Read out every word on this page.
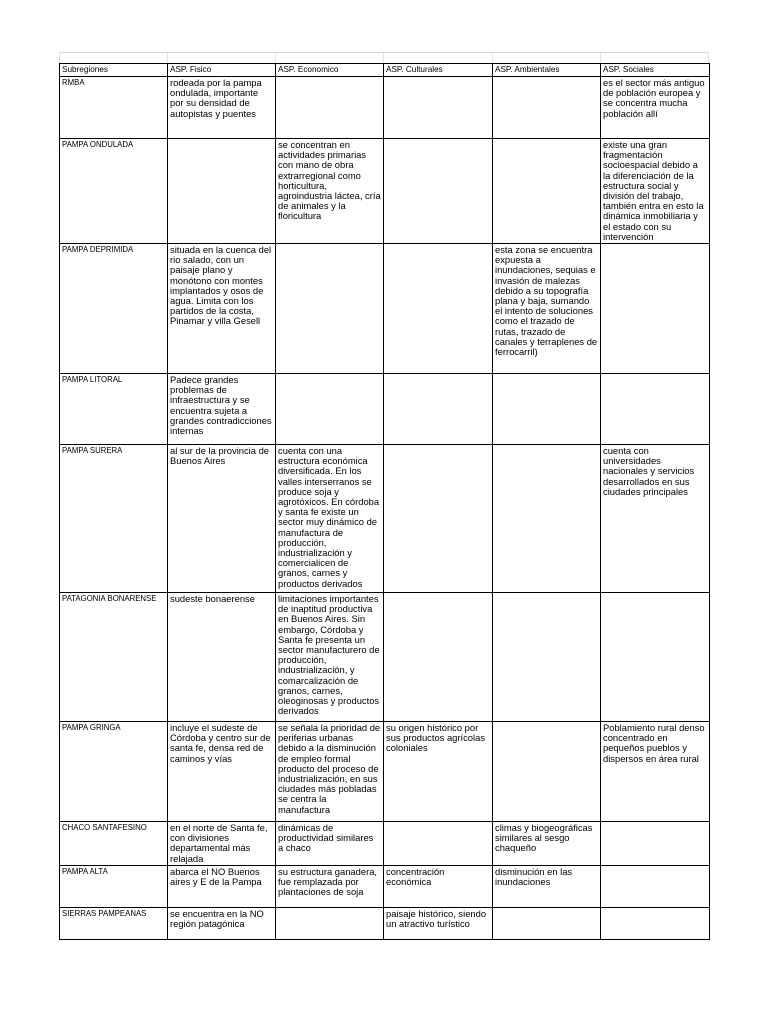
Subregiones	ASP. Fisico	ASP. Economico	ASP. Culturales	ASP. Ambientales	ASP. Sociales
RMBA	rodeada por la pampa ondulada, importante por su densidad de autopistas y puentes				es el sector más antiguo de población europea y se concentra mucha población allí
PAMPA ONDULADA		se concentran en actividades primarias con mano de obra extrarregional como horticultura, agroindustria láctea, cría de animales y la floricultura			existe una gran fragmentación socioespacial debido a la diferenciación de la estructura social y división del trabajo, también entra en esto la dinámica inmobiliaria y el estado con su intervención
PAMPA DEPRIMIDA	situada en la cuenca del rio salado, con un paisaje plano y monótono con montes implantados y osos de agua. Limita con los partidos de la costa, Pinamar y villa Gesell			esta zona se encuentra expuesta a inundaciones, sequias e invasión de malezas debido a su topografía plana y baja, sumando el intento de soluciones como el trazado de rutas, trazado de canales y terraplenes de ferrocarril)	
PAMPA LITORAL	Padece grandes problemas de infraestructura y se encuentra sujeta a grandes contradicciones internas				
PAMPA SURERA	al sur de la provincia de Buenos Aires	cuenta con una estructura económica diversificada. En los valles interserranos se produce soja y agrotóxicos. En córdoba y santa fe existe un sector muy dinámico de manufactura de producción, industrialización y comercialicen de granos, carnes y productos derivados			cuenta con universidades nacionales y servicios desarrollados en sus ciudades principales
PATAGONIA BONARENSE	sudeste bonaerense	limitaciones importantes de inaptitud productiva en Buenos Aires. Sin embargo, Córdoba y Santa fe presenta un sector manufacturero de producción, industrialización, y comarcalización de granos, carnes, oleoginosas y productos derivados			
PAMPA GRINGA	incluye el sudeste de Córdoba y centro sur de santa fe, densa red de caminos y vías	se señala la prioridad de periferias urbanas debido a la disminución de empleo formal producto del proceso de industrialización, en sus ciudades más pobladas se centra la manufactura	su origen histórico por sus productos agrícolas coloniales		Poblamiento rural denso concentrado en pequeños pueblos y dispersos en área rural
CHACO SANTAFESINO	en el norte de Santa fe, con divisiones departamental más relajada	dinámicas de productividad similares a chaco		climas y biogeográficas similares al sesgo chaqueño	
PAMPA ALTA	abarca el NO Buenos aires y E de la Pampa	su estructura ganadera, fue remplazada por plantaciones de soja	concentración económica	disminución en las inundaciones	
SIERRAS PAMPEANAS	se encuentra en la NO región patagónica		paisaje histórico, siendo un atractivo turístico		
